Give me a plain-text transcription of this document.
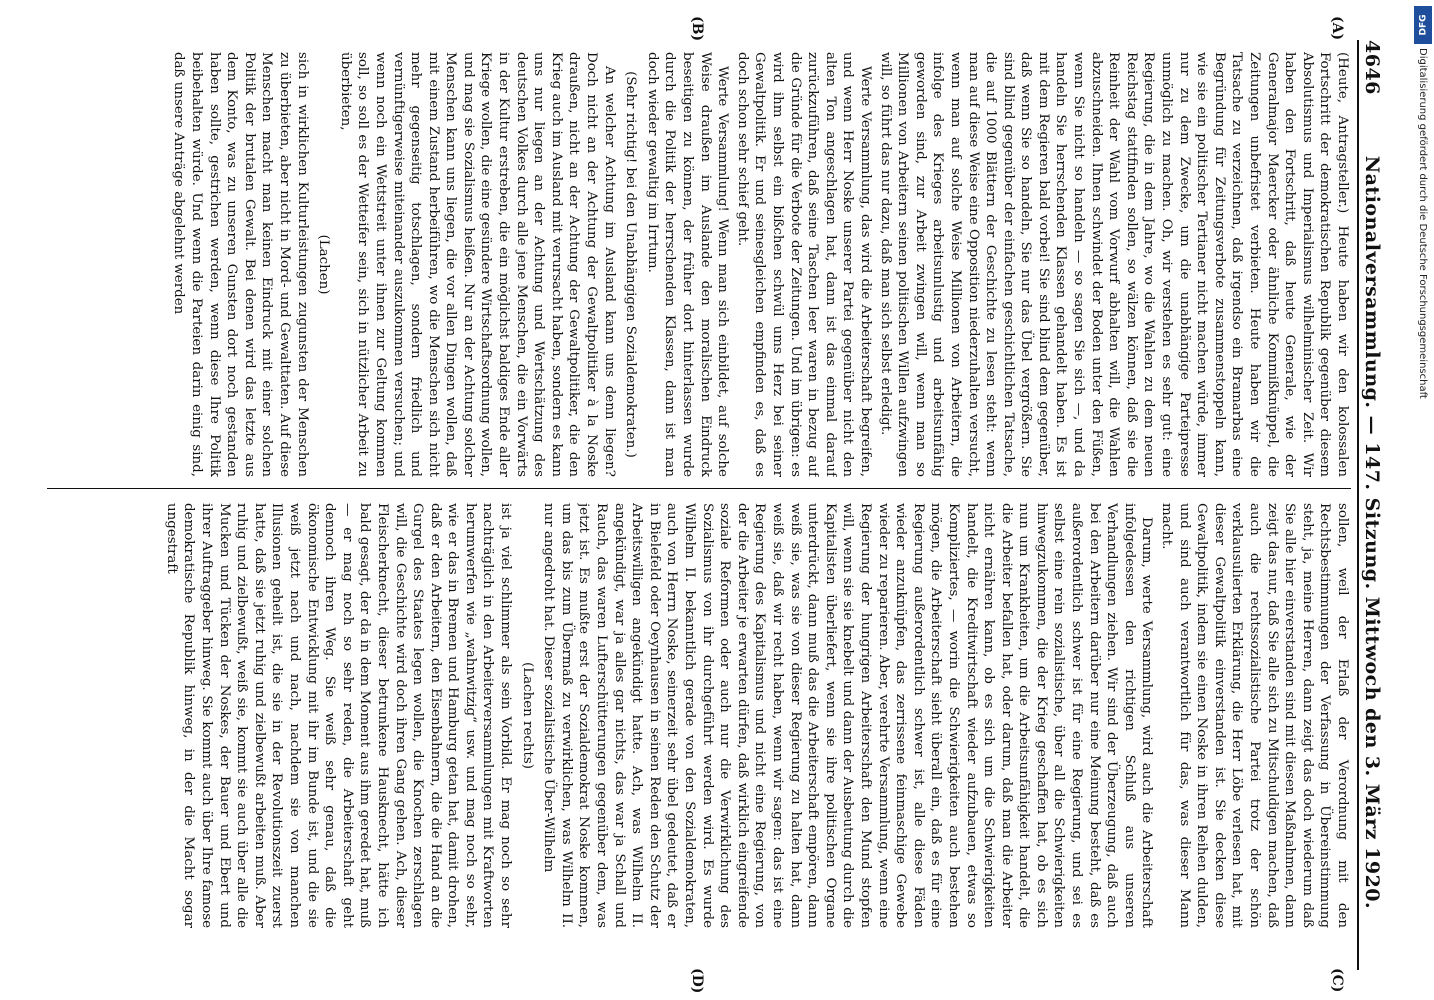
4646
Nationalversammlung. — 147. Sitzung. Mittwoch den 3. März 1920.
(A)
(B)
(C)
(D)

(Heute, Antragsteller.) Heute haben wir den kolossalen Fortschritt der demokratischen Republik gegenüber diesem Absolutismus und Imperialismus wilhelminischer Zeit. Wir haben den Fortschritt, daß heute Generale, wie der Generalmajor Maercker oder ähnliche Kommißknüppel, die Zeitungen unbefristet verbieten. Heute haben wir die Tatsache zu verzeichnen, daß irgendso ein Bramarbas eine Begründung für Zeitungsverbote zusammenstoppeln kann, wie sie ein politischer Tertianer nicht machen würde, immer nur zu dem Zwecke, um die unabhängige Parteipresse unmöglich zu machen. Oh, wir verstehen es sehr gut: eine Regierung, die in dem Jahre, wo die Wahlen zu dem neuen Reichstag stattfinden sollen, so wälzen können, daß sie die Reinheit der Wahl vom Vorwurf abhalten will, die Wahlen abzuschneiden. Ihnen schwindet der Boden unter den Füßen, wenn Sie nicht so handeln — so sagen Sie sich —, und da handeln Sie herrschenden Klassen gehandelt haben. Es ist mit dem Regieren bald vorbei! Sie sind blind dem gegenüber, daß wenn Sie so handeln, Sie nur das Übel vergrößern. Sie sind blind gegenüber der einfachen geschichtlichen Tatsache, die auf 1000 Blättern der Geschichte zu lesen steht: wenn man auf diese Weise eine Opposition niederzuhalten versucht, wenn man auf solche Weise Millionen von Arbeitern, die infolge des Krieges arbeitsunlustig und arbeitsunfähig geworden sind, zur Arbeit zwingen will, wenn man so Millionen von Arbeitern seinen politischen Willen aufzwingen will, so führt das nur dazu, daß man sich selbst erledigt.

Werte Versammlung, das wird die Arbeiterschaft begreifen, und wenn Herr Noske unserer Partei gegenüber nicht den alten Ton angeschlagen hat, dann ist das einmal darauf zurückzuführen, daß seine Taschen leer waren in bezug auf die Gründe für die Verbote der Zeitungen. Und im übrigen: es wird ihm selbst ein bißchen schwül ums Herz bei seiner Gewaltpolitik. Er und seinesgleichen empfinden es, daß es doch schon sehr schief geht.

Werte Versammlung! Wenn man sich einbildet, auf solche Weise draußen im Auslande den moralischen Eindruck beseitigen zu können, der früher dort hinterlassen wurde durch die Politik der herrschenden Klassen, dann ist man doch wieder gewaltig im Irrtum.

(Sehr richtig! bei den Unabhängigen Sozialdemokraten.)

An welcher Achtung im Ausland kann uns denn liegen? Doch nicht an der Achtung der Gewaltpolitiker à la Noske draußen, nicht an der Achtung der Gewaltpolitiker, die den Krieg auch im Ausland mit verursacht haben, sondern es kann uns nur liegen an der Achtung und Wertschätzung des deutschen Volkes durch alle jene Menschen, die ein Vorwärts in der Kultur erstreben, die ein möglichst baldiges Ende aller Kriege wollen, die eine gesündere Wirtschaftsordnung wollen, und mag sie Sozialismus heißen. Nur an der Achtung solcher Menschen kann uns liegen, die vor allen Dingen wollen, daß mit einem Zustand herbeiführen, wo die Menschen sich nicht mehr gegenseitig totschlagen, sondern friedlich und vernünftigerweise miteinander auszukommen versuchen; und wenn noch ein Wettstreit unter ihnen zur Geltung kommen soll, so soll es der Wetteifer sein, sich in nützlicher Arbeit zu überbieten,

(Lachen)

sich in wirklichen Kulturleistungen zugunsten der Menschen zu überbieten, aber nicht in Mord- und Gewalttaten. Auf diese Menschen macht man keinen Eindruck mit einer solchen Politik der brutalen Gewalt. Bei denen wird das letzte aus dem Konto, was zu unseren Gunsten dort noch gestanden haben sollte, gestrichen werden, wenn diese Ihre Politik beibehalten würde. Und wenn die Parteien darin einig sind, daß unsere Anträge abgelehnt werden

sollen, weil der Erlaß der Verordnung mit den Rechtsbestimmungen der Verfassung in Übereinstimmung steht, ja, meine Herren, dann zeigt das doch wiederum daß Sie alle hier einverstanden sind mit diesen Maßnahmen, dann zeigt das nur, daß Sie alle sich zu Mitschuldigen machen, daß auch die rechtssozialistische Partei trotz der schön verklausulierten Erklärung, die Herr Löbe verlesen hat, mit dieser Gewaltpolitik einverstanden ist. Sie decken diese Gewaltpolitik, indem sie einen Noske in ihren Reihen dulden, und sind auch verantwortlich für das, was dieser Mann macht.

Darum, werte Versammlung, wird auch die Arbeiterschaft infolgedessen den richtigen Schluß aus unseren Verhandlungen ziehen. Wir sind der Überzeugung, daß auch bei den Arbeitern darüber nur eine Meinung besteht, daß es außerordentlich schwer ist für eine Regierung, und sei es selbst eine rein sozialistische, über all die Schwierigkeiten hinwegzukommen, die der Krieg geschaffen hat, ob es sich nun um Krankheiten, um die Arbeitsunfähigkeit handelt, die die Arbeiter befallen hat, oder darum, daß man die Arbeiter nicht ernähren kann, ob es sich um die Schwierigkeiten handelt, die Kreditwirtschaft wieder aufzubauen, etwas so Kompliziertes, — worin die Schwierigkeiten auch bestehen mögen, die Arbeiterschaft sieht überall ein, daß es für eine Regierung außerordentlich schwer ist, alle diese Fäden wieder anzuknüpfen, das zerrissene feinmaschige Gewebe wieder zu reparieren. Aber, verehrte Versammlung, wenn eine Regierung der hungrigen Arbeiterschaft den Mund stopfen will, wenn sie sie knebelt und dann der Ausbeutung durch die Kapitalisten überliefert, wenn sie ihre politischen Organe unterdrückt, dann muß das die Arbeiterschaft empören, dann weiß sie, was sie von dieser Regierung zu halten hat, dann weiß sie, daß wir recht haben, wenn wir sagen: das ist eine Regierung des Kapitalismus und nicht eine Regierung, von der die Arbeiter je erwarten dürfen, daß wirklich eingreifende soziale Reformen oder auch nur die Verwirklichung des Sozialismus von ihr durchgeführt werden wird. Es wurde Wilhelm II. bekanntlich gerade von den Sozialdemokraten, auch von Herrn Noske, seinerzeit sehr übel gedeutet, daß er in Bielefeld oder Oeynhausen in seinen Reden den Schutz der Arbeitswilligen angekündigt hatte. Ach, was Wilhelm II. angekündigt, war ja alles gar nichts, das war ja Schall und Rauch, das waren Lufterschütterungen gegenüber dem, was jetzt ist. Es mußte erst der Sozialdemokrat Noske kommen, um das bis zum Übermaß zu verwirklichen, was Wilhelm II. nur angedroht hat. Dieser sozialistische Über-Wilhelm

(Lachen rechts)

ist ja viel schlimmer als sein Vorbild. Er mag noch so sehr nachträglich in den Arbeiterversammlungen mit Kraftworten herumwerfen wie „wahnwitzig“ usw. und mag noch so sehr, wie er das in Bremen und Hamburg getan hat, damit drohen, daß er den Arbeitern, den Eisenbahnern, die die Hand an die Gurgel des Staates legen wollen, die Knochen zerschlagen will, die Geschichte wird doch ihren Gang gehen. Ach, dieser Fleischerknecht, dieser betrunkene Hausknecht, hätte ich bald gesagt, der da in dem Moment aus ihm geredet hat, muß — er mag noch so sehr reden, die Arbeiterschaft geht dennoch ihren Weg. Sie weiß sehr genau, daß die ökonomische Entwicklung mit ihr im Bunde ist, und die sie weiß jetzt nach und nach, nachdem sie von manchen Illusionen geheilt ist, die sie in der Revolutionszeit zuerst hatte, daß sie jetzt ruhig und zielbewußt arbeiten muß. Aber ruhig und zielbewußt, weiß sie, kommt sie auch über alle die Mucken und Tücken der Noskes, der Bauer und Ebert und ihrer Auftraggeber hinweg. Sie kommt auch über Ihre famose demokratische Republik hinweg, in der die Macht sogar ungestraft

DFG
Digitalisierung gefördert durch die Deutsche Forschungsgemeinschaft
